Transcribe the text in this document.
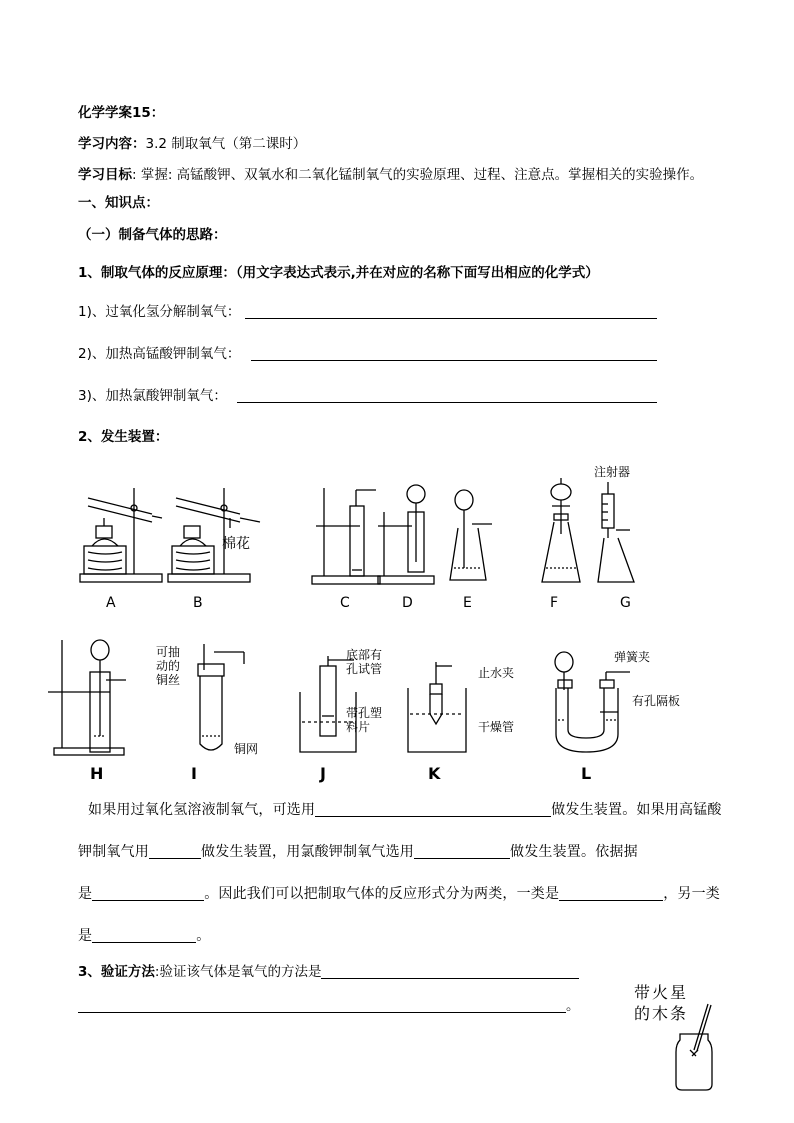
化学学案15：
学习内容：3.2 制取氧气（第二课时）
学习目标: 掌握: 高锰酸钾、双氧水和二氧化锰制氧气的实验原理、过程、注意点。掌握相关的实验操作。
一、知识点：
（一）制备气体的思路：
1、制取气体的反应原理：（用文字表达式表示,并在对应的名称下面写出相应的化学式）
1)、过氧化氢分解制氧气：
2)、加热高锰酸钾制氧气：
3)、加热氯酸钾制氧气：
2、发生装置：
棉花
注射器
A	B	C	D	E	F	G
可抽
动的
铜丝
铜网
底部有
孔试管
带孔塑
料片
止水夹
干燥管
弹簧夹
有孔隔板
H	I	J	K	L
如果用过氧化氢溶液制氧气，可选用	做发生装置。如果用高锰酸
钾制氧气用	做发生装置，用氯酸钾制氧气选用	做发生装置。依据据
是	。因此我们可以把制取气体的反应形式分为两类，一类是	，另一类
是	。
3、验证方法:验证该气体是氧气的方法是
。
带火星
的木条
